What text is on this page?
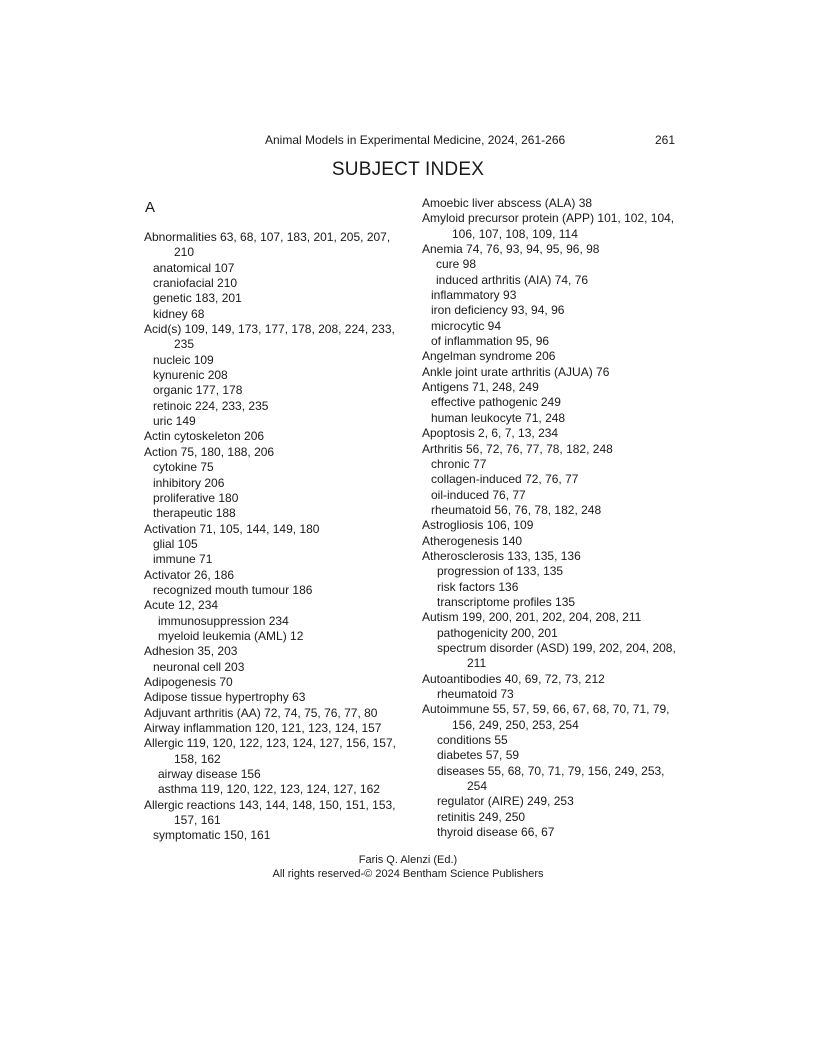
Animal Models in Experimental Medicine, 2024, 261-266	261
SUBJECT INDEX
A

Abnormalities 63, 68, 107, 183, 201, 205, 207, 210

anatomical 107

craniofacial 210

genetic 183, 201

kidney 68

Acid(s) 109, 149, 173, 177, 178, 208, 224, 233, 235

nucleic 109

kynurenic 208

organic 177, 178

retinoic 224, 233, 235

uric 149

Actin cytoskeleton 206

Action 75, 180, 188, 206

cytokine 75

inhibitory 206

proliferative 180

therapeutic 188

Activation 71, 105, 144, 149, 180

glial 105

immune 71

Activator 26, 186

recognized mouth tumour 186

Acute 12, 234

immunosuppression 234

myeloid leukemia (AML) 12

Adhesion 35, 203

neuronal cell 203

Adipogenesis 70

Adipose tissue hypertrophy 63

Adjuvant arthritis (AA) 72, 74, 75, 76, 77, 80

Airway inflammation 120, 121, 123, 124, 157

Allergic 119, 120, 122, 123, 124, 127, 156, 157, 158, 162

airway disease 156

asthma 119, 120, 122, 123, 124, 127, 162

Allergic reactions 143, 144, 148, 150, 151, 153, 157, 161

symptomatic 150, 161

Amoebic liver abscess (ALA) 38

Amyloid precursor protein (APP) 101, 102, 104, 106, 107, 108, 109, 114

Anemia 74, 76, 93, 94, 95, 96, 98

cure 98

induced arthritis (AIA) 74, 76

inflammatory 93

iron deficiency 93, 94, 96

microcytic 94

of inflammation 95, 96

Angelman syndrome 206

Ankle joint urate arthritis (AJUA) 76

Antigens 71, 248, 249

effective pathogenic 249

human leukocyte 71, 248

Apoptosis 2, 6, 7, 13, 234

Arthritis 56, 72, 76, 77, 78, 182, 248

chronic 77

collagen-induced 72, 76, 77

oil-induced 76, 77

rheumatoid 56, 76, 78, 182, 248

Astrogliosis 106, 109

Atherogenesis 140

Atherosclerosis 133, 135, 136

progression of 133, 135

risk factors 136

transcriptome profiles 135

Autism 199, 200, 201, 202, 204, 208, 211

pathogenicity 200, 201

spectrum disorder (ASD) 199, 202, 204, 208, 211

Autoantibodies 40, 69, 72, 73, 212

rheumatoid 73

Autoimmune 55, 57, 59, 66, 67, 68, 70, 71, 79, 156, 249, 250, 253, 254

conditions 55

diabetes 57, 59

diseases 55, 68, 70, 71, 79, 156, 249, 253, 254

regulator (AIRE) 249, 253

retinitis 249, 250

thyroid disease 66, 67

Faris Q. Alenzi (Ed.)
All rights reserved-© 2024 Bentham Science Publishers
